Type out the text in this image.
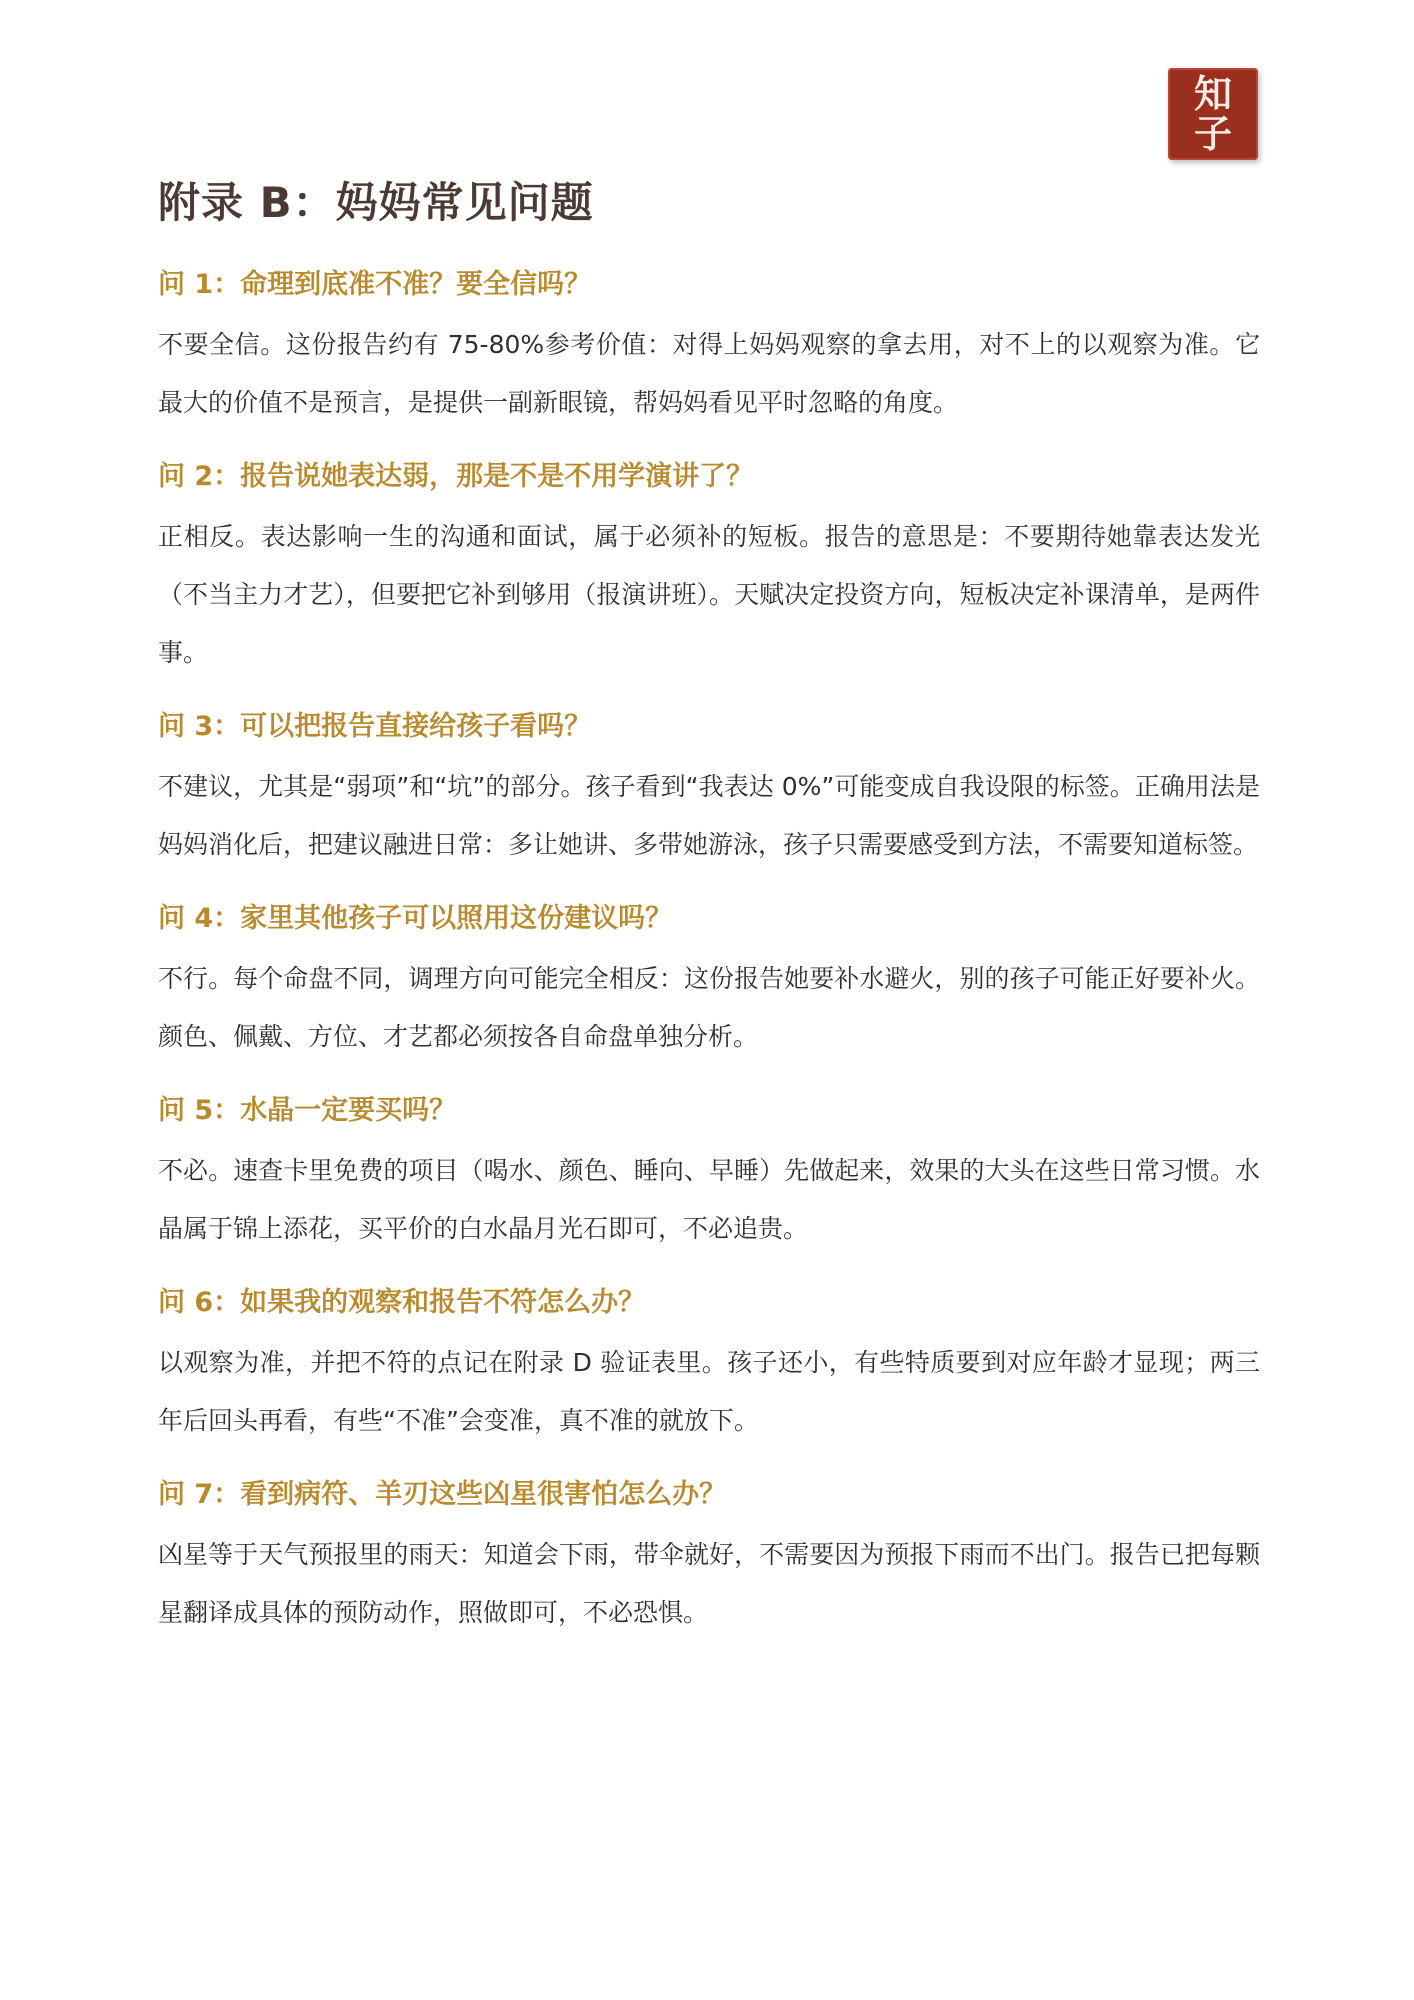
知
子
附录 B：妈妈常见问题

问 1：命理到底准不准？要全信吗？

不要全信。这份报告约有 75-80%参考价值：对得上妈妈观察的拿去用，对不上的以观察为准。它最大的价值不是预言，是提供一副新眼镜，帮妈妈看见平时忽略的角度。

问 2：报告说她表达弱，那是不是不用学演讲了？

正相反。表达影响一生的沟通和面试，属于必须补的短板。报告的意思是：不要期待她靠表达发光（不当主力才艺），但要把它补到够用（报演讲班）。天赋决定投资方向，短板决定补课清单，是两件事。

问 3：可以把报告直接给孩子看吗？

不建议，尤其是“弱项”和“坑”的部分。孩子看到“我表达 0%”可能变成自我设限的标签。正确用法是妈妈消化后，把建议融进日常：多让她讲、多带她游泳，孩子只需要感受到方法，不需要知道标签。

问 4：家里其他孩子可以照用这份建议吗？

不行。每个命盘不同，调理方向可能完全相反：这份报告她要补水避火，别的孩子可能正好要补火。颜色、佩戴、方位、才艺都必须按各自命盘单独分析。

问 5：水晶一定要买吗？

不必。速查卡里免费的项目（喝水、颜色、睡向、早睡）先做起来，效果的大头在这些日常习惯。水晶属于锦上添花，买平价的白水晶月光石即可，不必追贵。

问 6：如果我的观察和报告不符怎么办？

以观察为准，并把不符的点记在附录 D 验证表里。孩子还小，有些特质要到对应年龄才显现；两三年后回头再看，有些“不准”会变准，真不准的就放下。

问 7：看到病符、羊刃这些凶星很害怕怎么办？

凶星等于天气预报里的雨天：知道会下雨，带伞就好，不需要因为预报下雨而不出门。报告已把每颗星翻译成具体的预防动作，照做即可，不必恐惧。
